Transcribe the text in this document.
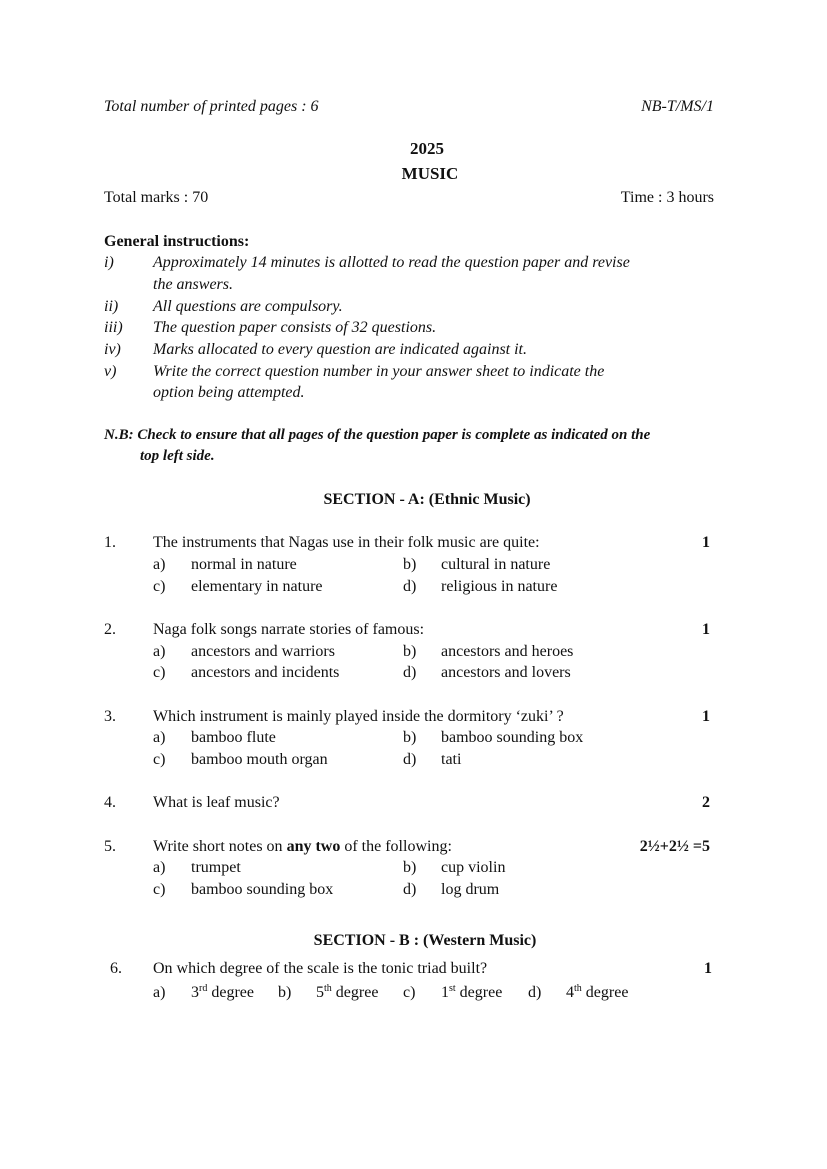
Total number of printed pages : 6	NB-T/MS/1
2025
MUSIC
Total marks : 70	Time : 3 hours
General instructions:
i) Approximately 14 minutes is allotted to read the question paper and revise
the answers.
ii) All questions are compulsory.
iii) The question paper consists of 32 questions.
iv) Marks allocated to every question are indicated against it.
v) Write the correct question number in your answer sheet to indicate the
option being attempted.
N.B: Check to ensure that all pages of the question paper is complete as indicated on the
top left side.
SECTION - A: (Ethnic Music)
1. The instruments that Nagas use in their folk music are quite:	1
a) normal in nature	b) cultural in nature
c) elementary in nature	d) religious in nature
2. Naga folk songs narrate stories of famous:	1
a) ancestors and warriors	b) ancestors and heroes
c) ancestors and incidents	d) ancestors and lovers
3. Which instrument is mainly played inside the dormitory ‘zuki’ ?	1
a) bamboo flute	b) bamboo sounding box
c) bamboo mouth organ	d) tati
4. What is leaf music?	2
5. Write short notes on any two of the following:	2½+2½ =5
a) trumpet	b) cup violin
c) bamboo sounding box	d) log drum
SECTION - B : (Western Music)
6. On which degree of the scale is the tonic triad built?	1
a) 3rd degree b) 5th degree c) 1st degree d) 4th degree
